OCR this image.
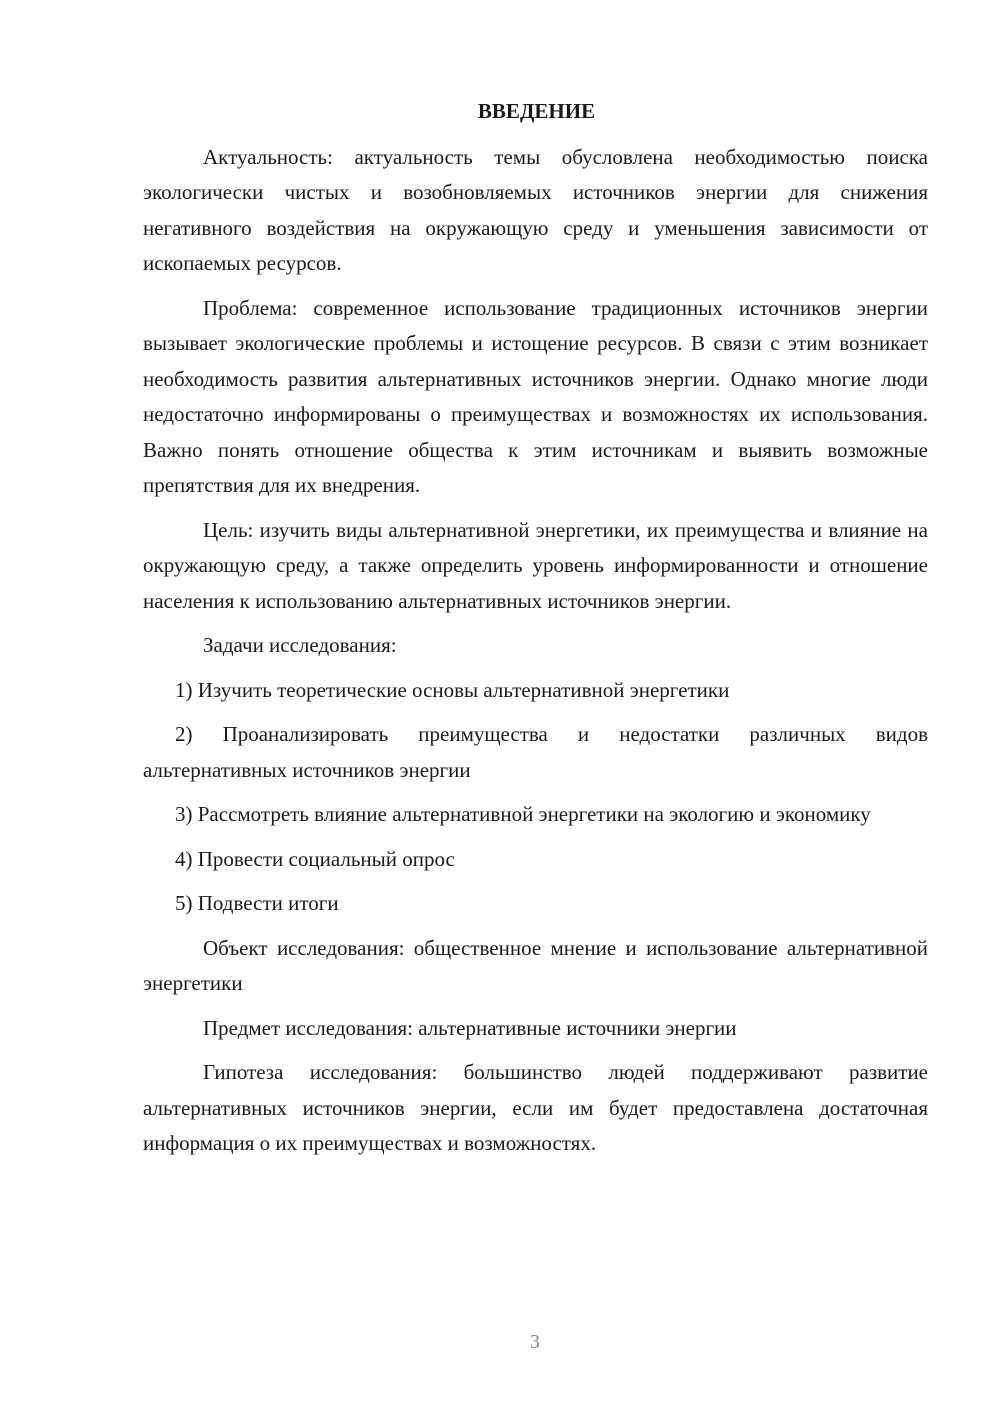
ВВЕДЕНИЕ

Актуальность: актуальность темы обусловлена необходимостью поиска экологически чистых и возобновляемых источников энергии для снижения негативного воздействия на окружающую среду и уменьшения зависимости от ископаемых ресурсов.

Проблема: современное использование традиционных источников энергии вызывает экологические проблемы и истощение ресурсов. В связи с этим возникает необходимость развития альтернативных источников энергии. Однако многие люди недостаточно информированы о преимуществах и возможностях их использования. Важно понять отношение общества к этим источникам и выявить возможные препятствия для их внедрения.

Цель: изучить виды альтернативной энергетики, их преимущества и влияние на окружающую среду, а также определить уровень информированности и отношение населения к использованию альтернативных источников энергии.

Задачи исследования:

1) Изучить теоретические основы альтернативной энергетики

2) Проанализировать преимущества и недостатки различных видов альтернативных источников энергии

3) Рассмотреть влияние альтернативной энергетики на экологию и экономику

4) Провести социальный опрос

5) Подвести итоги

Объект исследования: общественное мнение и использование альтернативной энергетики

Предмет исследования: альтернативные источники энергии

Гипотеза исследования: большинство людей поддерживают развитие альтернативных источников энергии, если им будет предоставлена достаточная информация о их преимуществах и возможностях.

3
